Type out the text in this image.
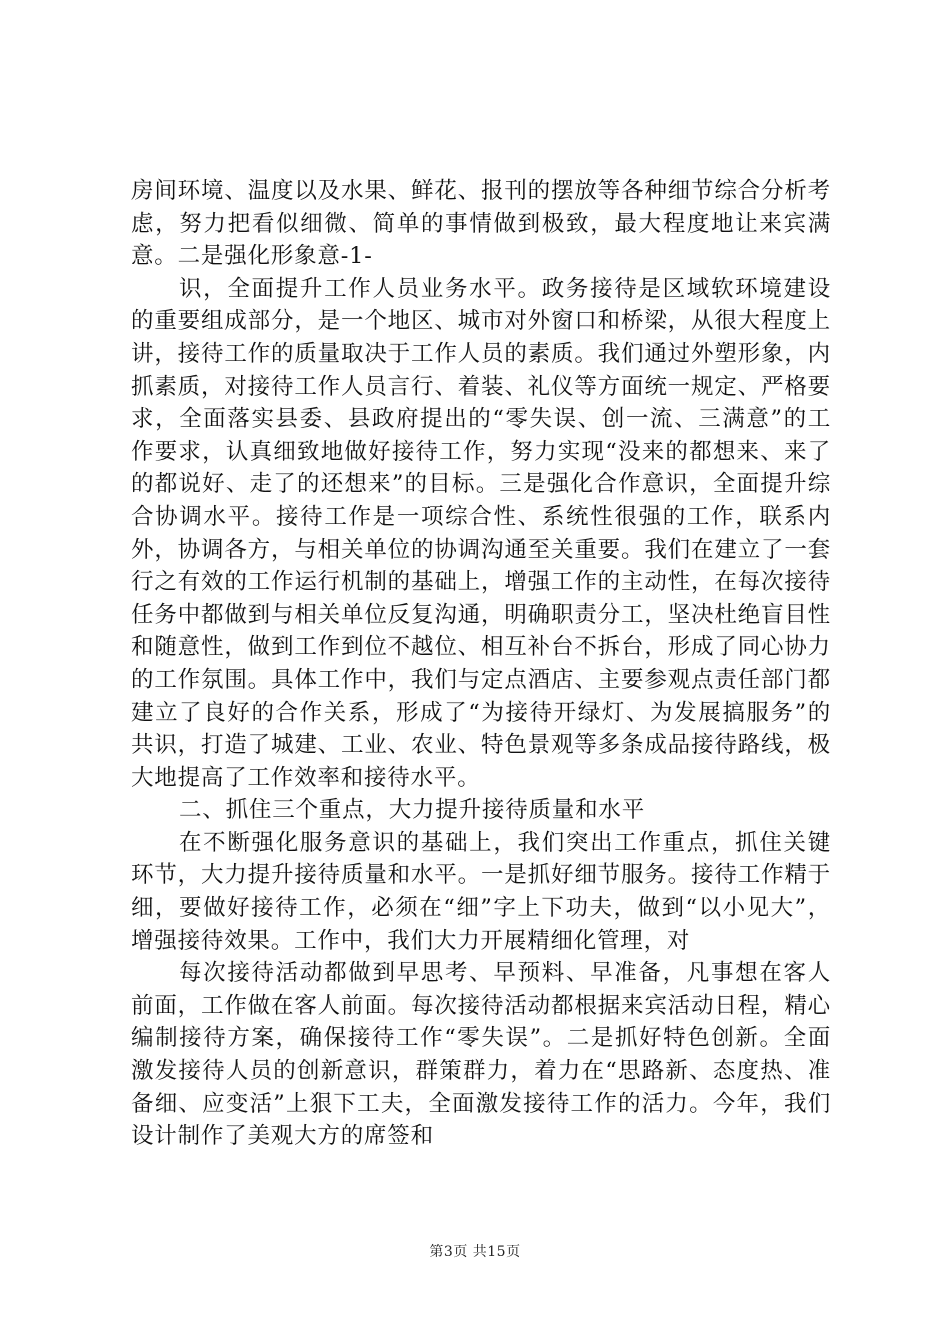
房间环境、温度以及水果、鲜花、报刊的摆放等各种细节综合分析考虑，努力把看似细微、简单的事情做到极致，最大程度地让来宾满意。二是强化形象意-1-

识，全面提升工作人员业务水平。政务接待是区域软环境建设的重要组成部分，是一个地区、城市对外窗口和桥梁，从很大程度上讲，接待工作的质量取决于工作人员的素质。我们通过外塑形象，内抓素质，对接待工作人员言行、着装、礼仪等方面统一规定、严格要求，全面落实县委、县政府提出的“零失误、创一流、三满意”的工作要求，认真细致地做好接待工作，努力实现“没来的都想来、来了的都说好、走了的还想来”的目标。三是强化合作意识，全面提升综合协调水平。接待工作是一项综合性、系统性很强的工作，联系内外，协调各方，与相关单位的协调沟通至关重要。我们在建立了一套行之有效的工作运行机制的基础上，增强工作的主动性，在每次接待任务中都做到与相关单位反复沟通，明确职责分工，坚决杜绝盲目性和随意性，做到工作到位不越位、相互补台不拆台，形成了同心协力的工作氛围。具体工作中，我们与定点酒店、主要参观点责任部门都建立了良好的合作关系，形成了“为接待开绿灯、为发展搞服务”的共识，打造了城建、工业、农业、特色景观等多条成品接待路线，极大地提高了工作效率和接待水平。

二、抓住三个重点，大力提升接待质量和水平

在不断强化服务意识的基础上，我们突出工作重点，抓住关键环节，大力提升接待质量和水平。一是抓好细节服务。接待工作精于细，要做好接待工作，必须在“细”字上下功夫，做到“以小见大”，增强接待效果。工作中，我们大力开展精细化管理，对

每次接待活动都做到早思考、早预料、早准备，凡事想在客人前面，工作做在客人前面。每次接待活动都根据来宾活动日程，精心编制接待方案，确保接待工作“零失误”。二是抓好特色创新。全面激发接待人员的创新意识，群策群力，着力在“思路新、态度热、准备细、应变活”上狠下工夫，全面激发接待工作的活力。今年，我们设计制作了美观大方的席签和

第3页 共15页
